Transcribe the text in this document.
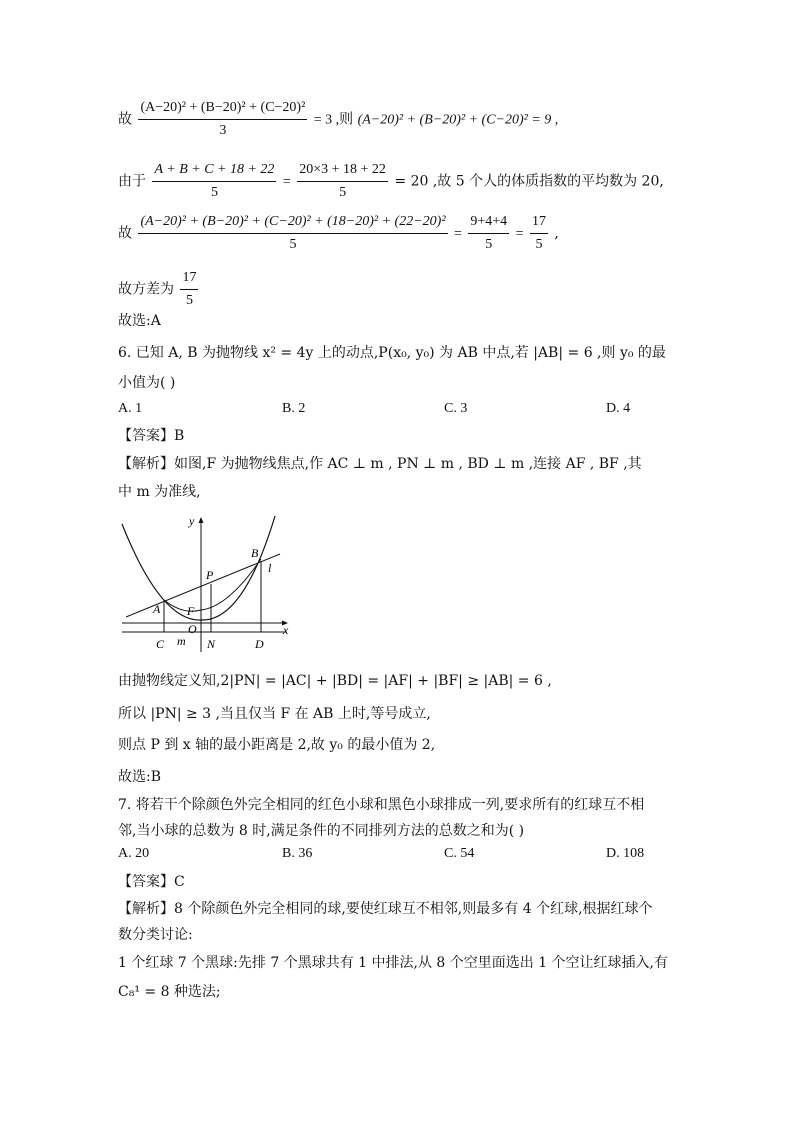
故 $\frac{\text{(A−20)² + (B−20)² + (C−20)²}}{3} = 3$ ,则 (A−20)² + (B−20)² + (C−20)² = 9 ,
由于 $\frac{A + B + C + 18 + 22}{5} = \frac{20\times 3 + 18 + 22}{5} = 20$ ,故 5 个人的体质指数的平均数为 20,
故 $\frac{\text{(A−20)² + (B−20)² + (C−20)² + (18−20)² + (22−20)²}}{5} = \frac{9+4+4}{5} = \frac{17}{5}$ ,
故方差为 $\frac{17}{5}$
故选:A
6. 已知 A, B 为抛物线 x² = 4y 上的动点,P(x₀, y₀) 为 AB 中点,若 |AB| = 6 ,则 y₀ 的最
小值为( )
A. 1	B. 2	C. 3	D. 4
【答案】B
【解析】如图,F 为抛物线焦点,作 AC ⊥ m , PN ⊥ m , BD ⊥ m ,连接 AF , BF ,其
中 m 为准线,
y
x
B
l
P
A F
O
C m N	D
由抛物线定义知,2|PN| = |AC| + |BD| = |AF| + |BF| ≥ |AB| = 6 ,
所以 |PN| ≥ 3 ,当且仅当 F 在 AB 上时,等号成立,
则点 P 到 x 轴的最小距离是 2,故 y₀ 的最小值为 2,
故选:B
7. 将若干个除颜色外完全相同的红色小球和黑色小球排成一列,要求所有的红球互不相
邻,当小球的总数为 8 时,满足条件的不同排列方法的总数之和为( )
A. 20	B. 36	C. 54	D. 108
【答案】C
【解析】8 个除颜色外完全相同的球,要使红球互不相邻,则最多有 4 个红球,根据红球个
数分类讨论:
1 个红球 7 个黑球:先排 7 个黑球共有 1 中排法,从 8 个空里面选出 1 个空让红球插入,有
C₈¹ = 8 种选法;
